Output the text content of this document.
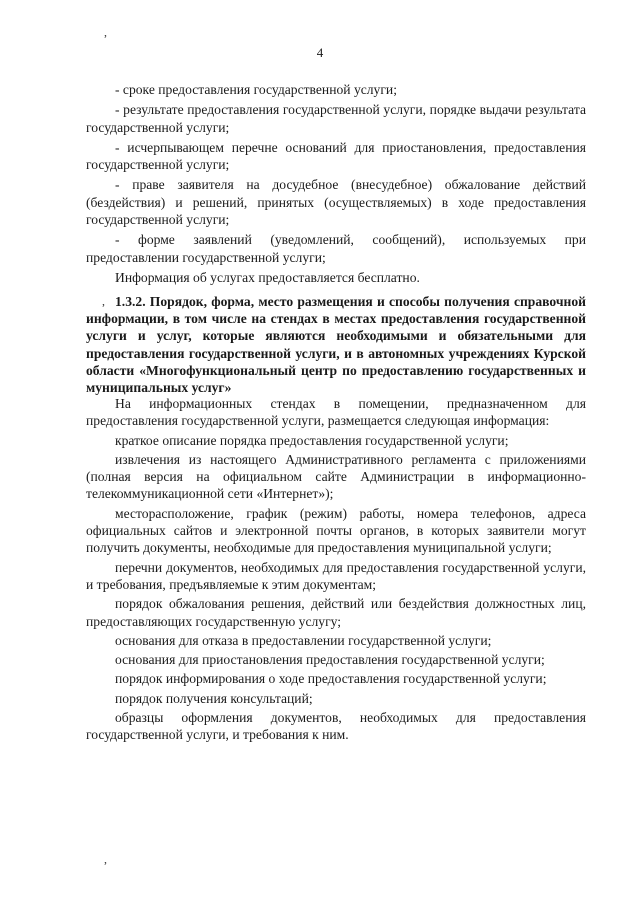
,
4

- сроке предоставления государственной услуги;

- результате предоставления государственной услуги, порядке выдачи результата государственной услуги;

- исчерпывающем перечне оснований для приостановления, предоставления государственной услуги;

- праве заявителя на досудебное (внесудебное) обжалование действий (бездействия) и решений, принятых (осуществляемых) в ходе предоставления государственной услуги;

- форме заявлений (уведомлений, сообщений), используемых при предоставлении государственной услуги;

Информация об услугах предоставляется бесплатно.

, 1.3.2. Порядок, форма, место размещения и способы получения справочной информации, в том числе на стендах в местах предоставления государственной услуги и услуг, которые являются необходимыми и обязательными для предоставления государственной услуги, и в автономных учреждениях Курской области «Многофункциональный центр по предоставлению государственных и муниципальных услуг»

На информационных стендах в помещении, предназначенном для предоставления государственной услуги, размещается следующая информация:

краткое описание порядка предоставления государственной услуги;

извлечения из настоящего Административного регламента с приложениями (полная версия на официальном сайте Администрации в информационно-телекоммуникационной сети «Интернет»);

месторасположение, график (режим) работы, номера телефонов, адреса официальных сайтов и электронной почты органов, в которых заявители могут получить документы, необходимые для предоставления муниципальной услуги;

перечни документов, необходимых для предоставления государственной услуги, и требования, предъявляемые к этим документам;

порядок обжалования решения, действий или бездействия должностных лиц, предоставляющих государственную услугу;

основания для отказа в предоставлении государственной услуги;

основания для приостановления предоставления государственной услуги;

порядок информирования о ходе предоставления государственной услуги;

порядок получения консультаций;

образцы оформления документов, необходимых для предоставления государственной услуги, и требования к ним.

,
